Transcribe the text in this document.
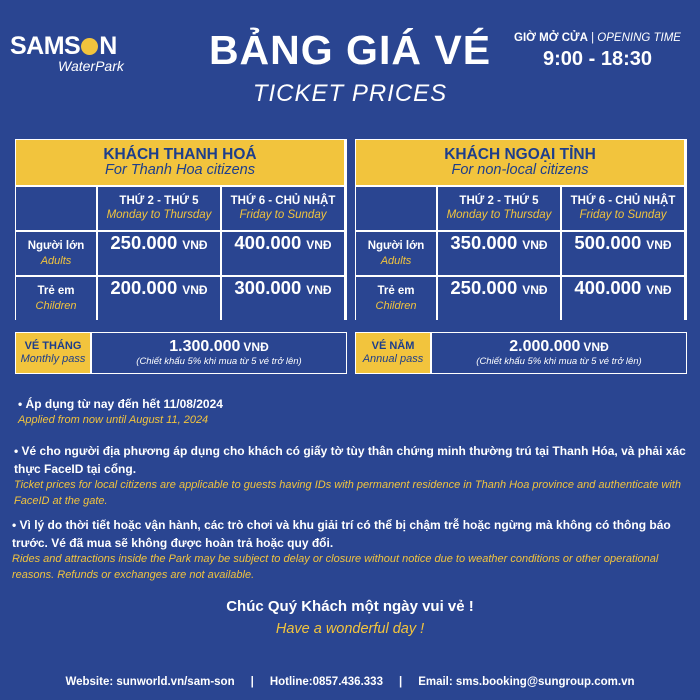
SAMS N
WaterPark	BẢNG GIÁ VÉ
TICKET PRICES
GIỜ MỞ CỬA | OPENING TIME
9:00 - 18:30
KHÁCH THANH HOÁ
For Thanh Hoa citizens
THỨ 2 - THỨ 5
Monday to Thursday
THỨ 6 - CHỦ NHẬT
Friday to Sunday
Người lớn
Adults
250.000 VNĐ 400.000 VNĐ
Trẻ em
Children
200.000 VNĐ 300.000 VNĐ
KHÁCH NGOẠI TỈNH
For non-local citizens
THỨ 2 - THỨ 5
Monday to Thursday
THỨ 6 - CHỦ NHẬT
Friday to Sunday
Người lớn
Adults
350.000 VNĐ 500.000 VNĐ
Trẻ em
Children
250.000 VNĐ 400.000 VNĐ
VÉ THÁNG
Monthly pass
1.300.000 VNĐ
(Chiết khấu 5% khi mua từ 5 vé trở lên)
VÉ NĂM
Annual pass
2.000.000 VNĐ
(Chiết khấu 5% khi mua từ 5 vé trở lên)
• Áp dụng từ nay đến hết 11/08/2024
Applied from now until August 11, 2024
• Vé cho người địa phương áp dụng cho khách có giấy tờ tùy thân chứng minh thường trú tại Thanh Hóa, và phải xác thực FaceID tại cổng.
Ticket prices for local citizens are applicable to guests having IDs with permanent residence in Thanh Hoa province and authenticate with FaceID at the gate.
• Vì lý do thời tiết hoặc vận hành, các trò chơi và khu giải trí có thể bị chậm trễ hoặc ngừng mà không có thông báo trước. Vé đã mua sẽ không được hoàn trả hoặc quy đổi.
Rides and attractions inside the Park may be subject to delay or closure without notice due to weather conditions or other operational reasons. Refunds or exchanges are not available.
Chúc Quý Khách một ngày vui vẻ !
Have a wonderful day !
Website: sunworld.vn/sam-son | Hotline:0857.436.333 | Email: sms.booking@sungroup.com.vn
